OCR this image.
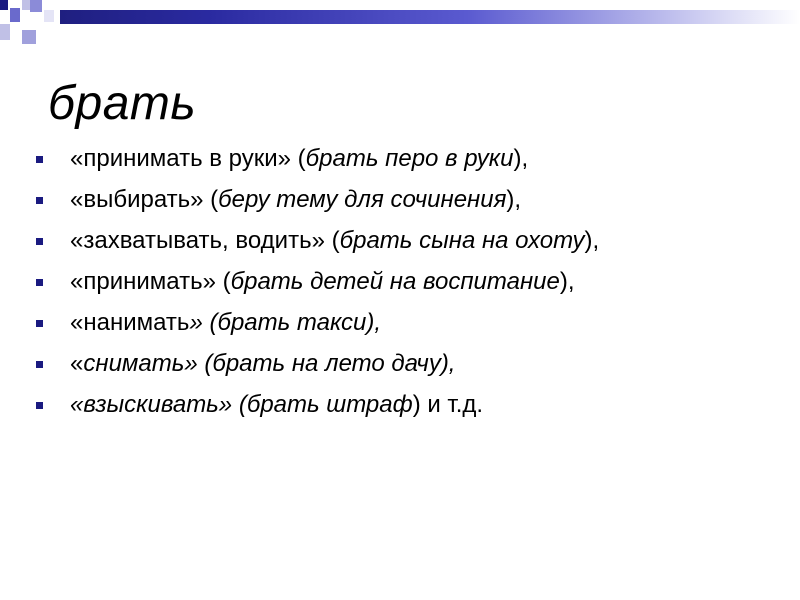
брать
«принимать в руки» (брать перо в руки),
«выбирать» (беру тему для сочинения),
«захватывать, водить» (брать сына на охоту),
«принимать» (брать детей на воспитание),
«нанимать» (брать такси),
«снимать» (брать на лето дачу),
«взыскивать» (брать штраф) и т.д.
